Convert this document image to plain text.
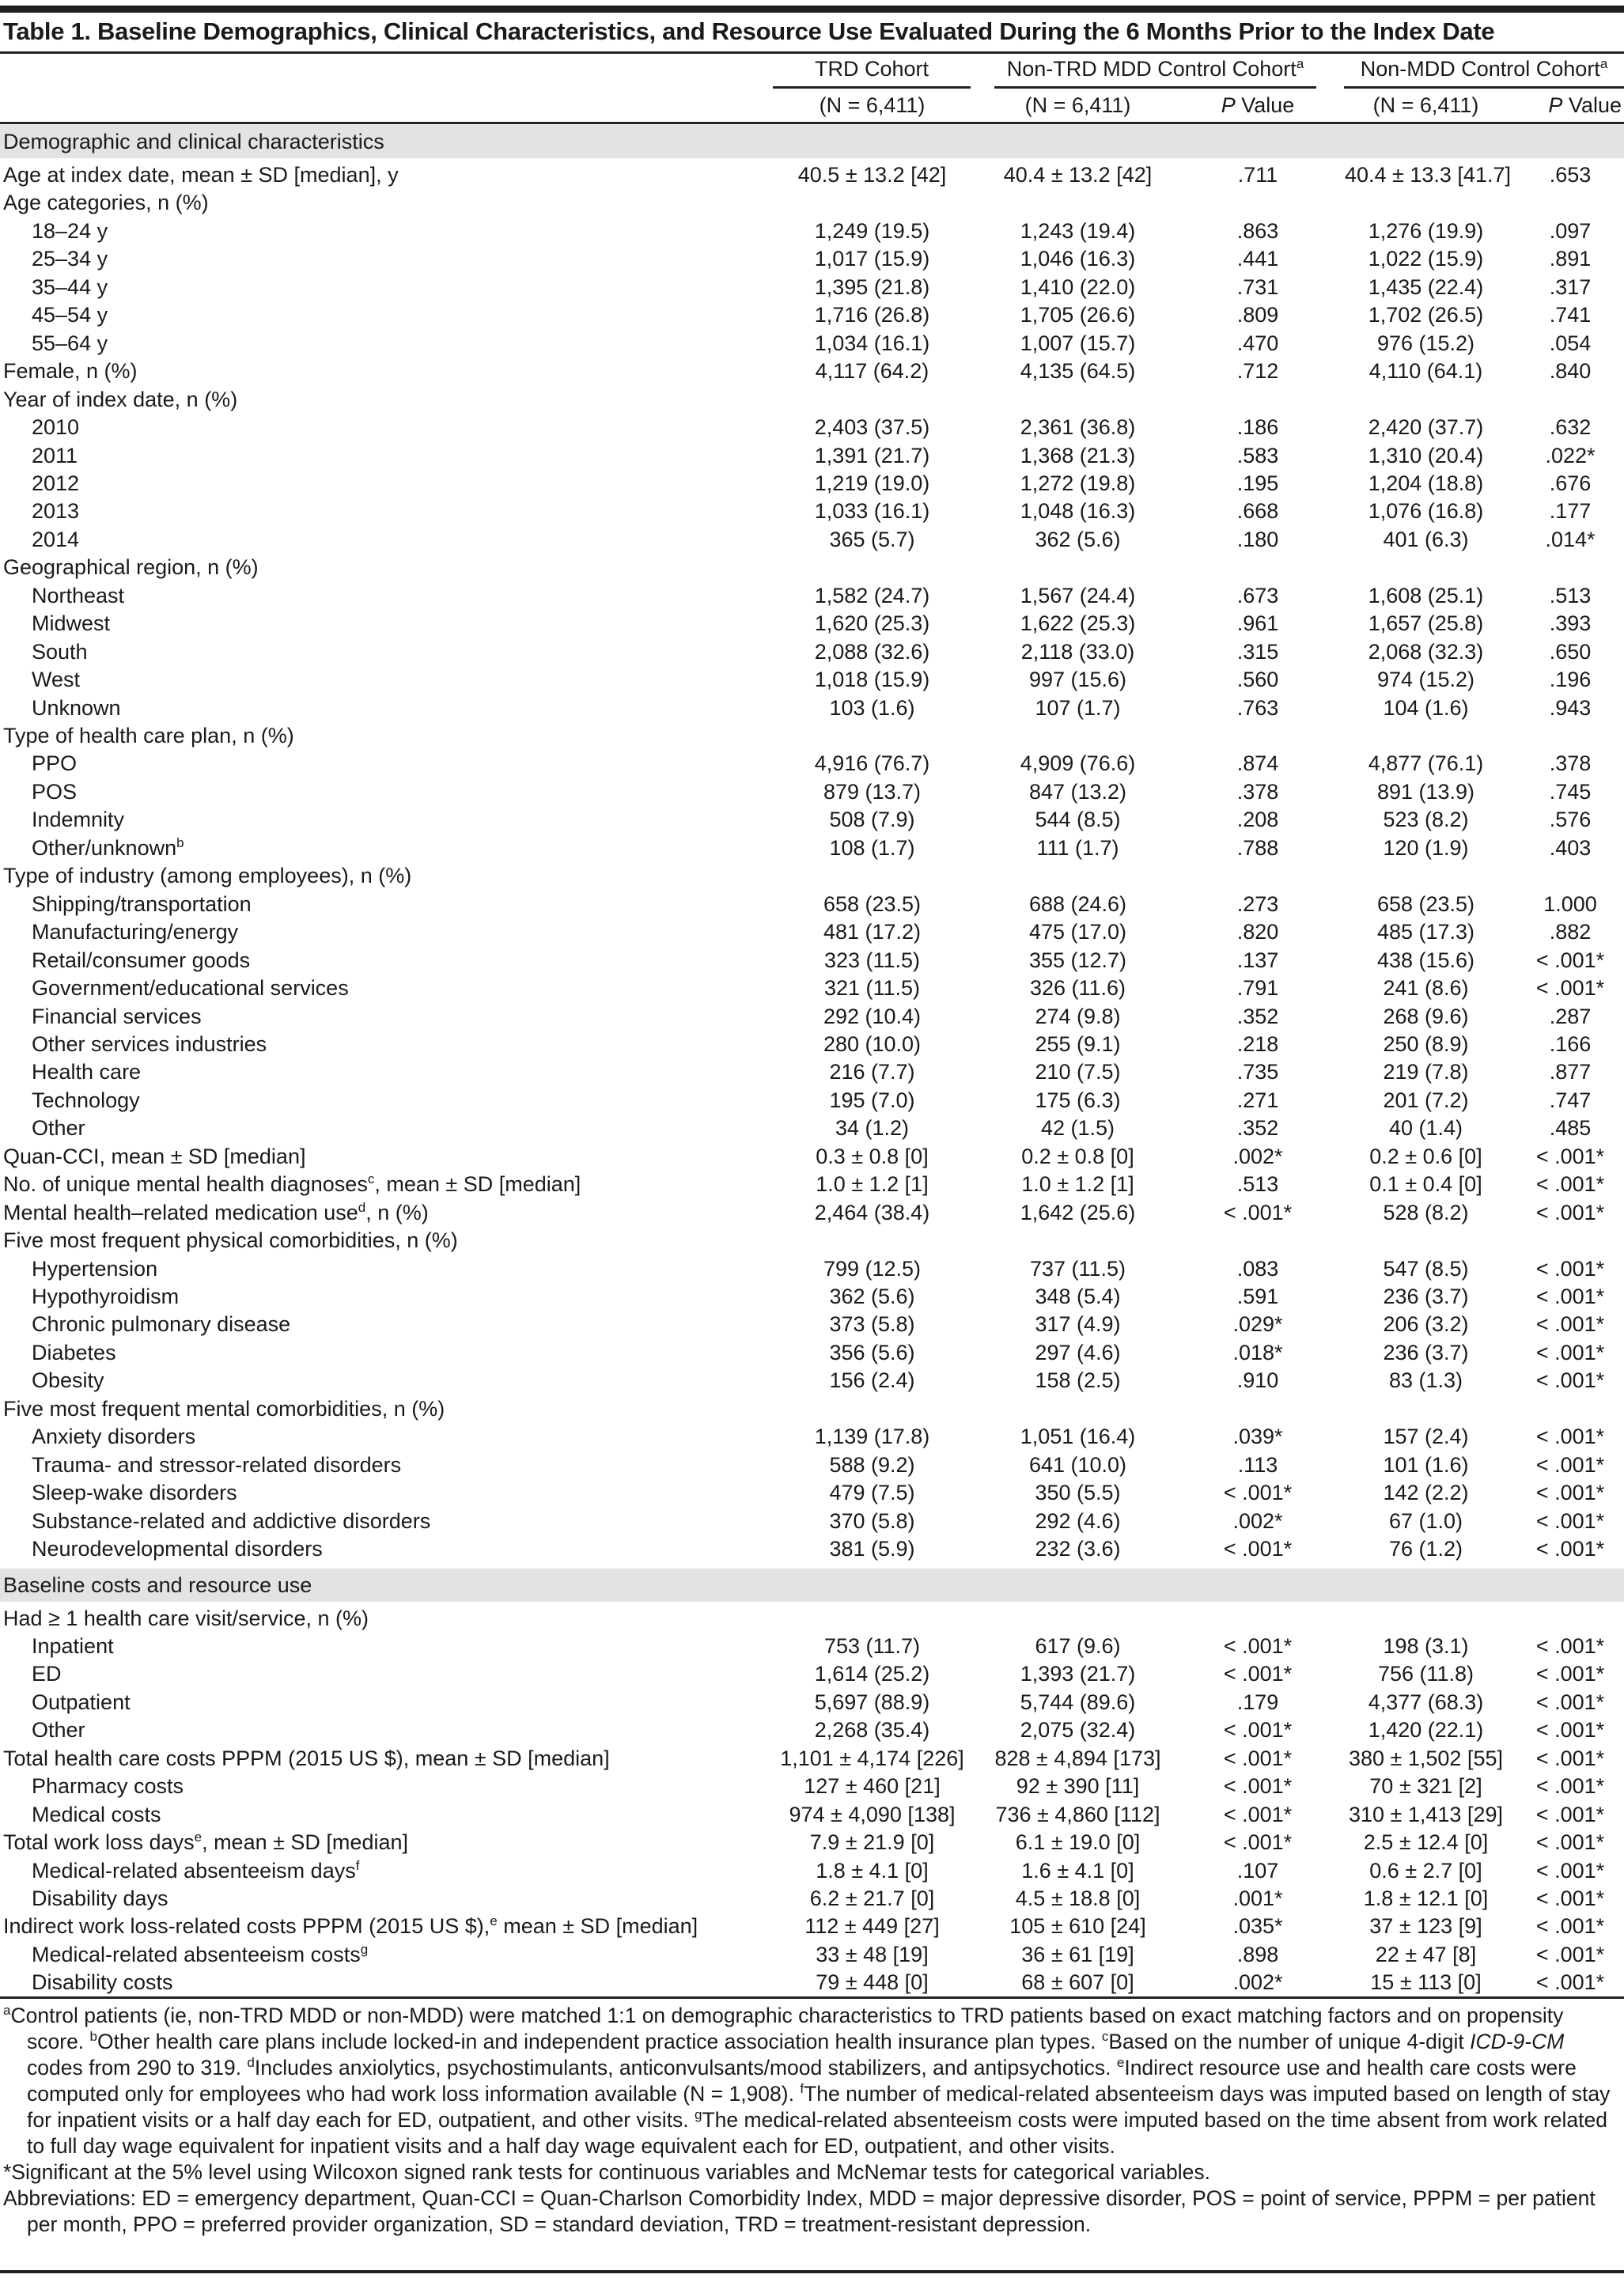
Table 1. Baseline Demographics, Clinical Characteristics, and Resource Use Evaluated During the 6 Months Prior to the Index Date
TRD Cohort	Non-TRD MDD Control Cohort$^a$	Non-MDD Control Cohort$^a$
(N = 6,411)	(N = 6,411)	P Value	(N = 6,411)	P Value
Demographic and clinical characteristics
Age at index date, mean ± SD [median], y	40.5 ± 13.2 [42]	40.4 ± 13.2 [42]	.711	40.4 ± 13.3 [41.7]	.653
Age categories, n (%)
18–24 y	1,249 (19.5)	1,243 (19.4)	.863	1,276 (19.9)	.097
25–34 y	1,017 (15.9)	1,046 (16.3)	.441	1,022 (15.9)	.891
35–44 y	1,395 (21.8)	1,410 (22.0)	.731	1,435 (22.4)	.317
45–54 y	1,716 (26.8)	1,705 (26.6)	.809	1,702 (26.5)	.741
55–64 y	1,034 (16.1)	1,007 (15.7)	.470	976 (15.2)	.054
Female, n (%)	4,117 (64.2)	4,135 (64.5)	.712	4,110 (64.1)	.840
Year of index date, n (%)
2010	2,403 (37.5)	2,361 (36.8)	.186	2,420 (37.7)	.632
2011	1,391 (21.7)	1,368 (21.3)	.583	1,310 (20.4)	.022*
2012	1,219 (19.0)	1,272 (19.8)	.195	1,204 (18.8)	.676
2013	1,033 (16.1)	1,048 (16.3)	.668	1,076 (16.8)	.177
2014	365 (5.7)	362 (5.6)	.180	401 (6.3)	.014*
Geographical region, n (%)
Northeast	1,582 (24.7)	1,567 (24.4)	.673	1,608 (25.1)	.513
Midwest	1,620 (25.3)	1,622 (25.3)	.961	1,657 (25.8)	.393
South	2,088 (32.6)	2,118 (33.0)	.315	2,068 (32.3)	.650
West	1,018 (15.9)	997 (15.6)	.560	974 (15.2)	.196
Unknown	103 (1.6)	107 (1.7)	.763	104 (1.6)	.943
Type of health care plan, n (%)
PPO	4,916 (76.7)	4,909 (76.6)	.874	4,877 (76.1)	.378
POS	879 (13.7)	847 (13.2)	.378	891 (13.9)	.745
Indemnity	508 (7.9)	544 (8.5)	.208	523 (8.2)	.576
Other/unknown$^b$	108 (1.7)	111 (1.7)	.788	120 (1.9)	.403
Type of industry (among employees), n (%)
Shipping/transportation	658 (23.5)	688 (24.6)	.273	658 (23.5)	1.000
Manufacturing/energy	481 (17.2)	475 (17.0)	.820	485 (17.3)	.882
Retail/consumer goods	323 (11.5)	355 (12.7)	.137	438 (15.6)	< .001*
Government/educational services	321 (11.5)	326 (11.6)	.791	241 (8.6)	< .001*
Financial services	292 (10.4)	274 (9.8)	.352	268 (9.6)	.287
Other services industries	280 (10.0)	255 (9.1)	.218	250 (8.9)	.166
Health care	216 (7.7)	210 (7.5)	.735	219 (7.8)	.877
Technology	195 (7.0)	175 (6.3)	.271	201 (7.2)	.747
Other	34 (1.2)	42 (1.5)	.352	40 (1.4)	.485
Quan-CCI, mean ± SD [median]	0.3 ± 0.8 [0]	0.2 ± 0.8 [0]	.002*	0.2 ± 0.6 [0]	< .001*
No. of unique mental health diagnoses$^c$, mean ± SD [median]	1.0 ± 1.2 [1]	1.0 ± 1.2 [1]	.513	0.1 ± 0.4 [0]	< .001*
Mental health–related medication use$^d$, n (%)	2,464 (38.4)	1,642 (25.6)	< .001*	528 (8.2)	< .001*
Five most frequent physical comorbidities, n (%)
Hypertension	799 (12.5)	737 (11.5)	.083	547 (8.5)	< .001*
Hypothyroidism	362 (5.6)	348 (5.4)	.591	236 (3.7)	< .001*
Chronic pulmonary disease	373 (5.8)	317 (4.9)	.029*	206 (3.2)	< .001*
Diabetes	356 (5.6)	297 (4.6)	.018*	236 (3.7)	< .001*
Obesity	156 (2.4)	158 (2.5)	.910	83 (1.3)	< .001*
Five most frequent mental comorbidities, n (%)
Anxiety disorders	1,139 (17.8)	1,051 (16.4)	.039*	157 (2.4)	< .001*
Trauma- and stressor-related disorders	588 (9.2)	641 (10.0)	.113	101 (1.6)	< .001*
Sleep-wake disorders	479 (7.5)	350 (5.5)	< .001*	142 (2.2)	< .001*
Substance-related and addictive disorders	370 (5.8)	292 (4.6)	.002*	67 (1.0)	< .001*
Neurodevelopmental disorders	381 (5.9)	232 (3.6)	< .001*	76 (1.2)	< .001*
Baseline costs and resource use
Had ≥ 1 health care visit/service, n (%)
Inpatient	753 (11.7)	617 (9.6)	< .001*	198 (3.1)	< .001*
ED	1,614 (25.2)	1,393 (21.7)	< .001*	756 (11.8)	< .001*
Outpatient	5,697 (88.9)	5,744 (89.6)	.179	4,377 (68.3)	< .001*
Other	2,268 (35.4)	2,075 (32.4)	< .001*	1,420 (22.1)	< .001*
Total health care costs PPPM (2015 US $), mean ± SD [median]	1,101 ± 4,174 [226]	828 ± 4,894 [173]	< .001*	380 ± 1,502 [55]	< .001*
Pharmacy costs	127 ± 460 [21]	92 ± 390 [11]	< .001*	70 ± 321 [2]	< .001*
Medical costs	974 ± 4,090 [138]	736 ± 4,860 [112]	< .001*	310 ± 1,413 [29]	< .001*
Total work loss days$^e$, mean ± SD [median]	7.9 ± 21.9 [0]	6.1 ± 19.0 [0]	< .001*	2.5 ± 12.4 [0]	< .001*
Medical-related absenteeism days$^f$	1.8 ± 4.1 [0]	1.6 ± 4.1 [0]	.107	0.6 ± 2.7 [0]	< .001*
Disability days	6.2 ± 21.7 [0]	4.5 ± 18.8 [0]	.001*	1.8 ± 12.1 [0]	< .001*
Indirect work loss-related costs PPPM (2015 US $),$^e$ mean ± SD [median]	112 ± 449 [27]	105 ± 610 [24]	.035*	37 ± 123 [9]	< .001*
Medical-related absenteeism costs$^g$	33 ± 48 [19]	36 ± 61 [19]	.898	22 ± 47 [8]	< .001*
Disability costs	79 ± 448 [0]	68 ± 607 [0]	.002*	15 ± 113 [0]	< .001*

$^a$Control patients (ie, non-TRD MDD or non-MDD) were matched 1:1 on demographic characteristics to TRD patients based on exact matching factors and on propensity score. $^b$Other health care plans include locked-in and independent practice association health insurance plan types. $^c$Based on the number of unique 4-digit ICD-9-CM codes from 290 to 319. $^d$Includes anxiolytics, psychostimulants, anticonvulsants/mood stabilizers, and antipsychotics. $^e$Indirect resource use and health care costs were computed only for employees who had work loss information available (N = 1,908). $^f$The number of medical-related absenteeism days was imputed based on length of stay for inpatient visits or a half day each for ED, outpatient, and other visits. $^g$The medical-related absenteeism costs were imputed based on the time absent from work related to full day wage equivalent for inpatient visits and a half day wage equivalent each for ED, outpatient, and other visits.

*Significant at the 5% level using Wilcoxon signed rank tests for continuous variables and McNemar tests for categorical variables.

Abbreviations: ED = emergency department, Quan-CCI = Quan-Charlson Comorbidity Index, MDD = major depressive disorder, POS = point of service, PPPM = per patient per month, PPO = preferred provider organization, SD = standard deviation, TRD = treatment-resistant depression.
